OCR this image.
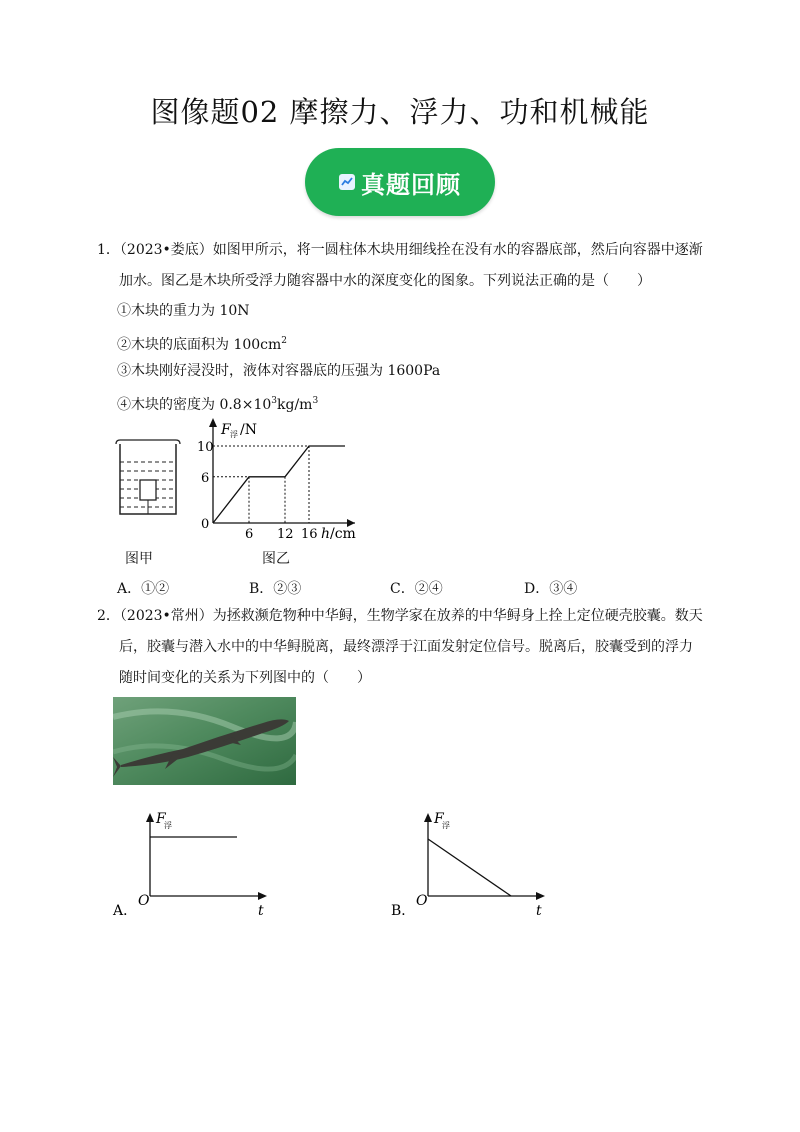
图像题02 摩擦力、浮力、功和机械能
真题回顾
1．（2023•娄底）如图甲所示，将一圆柱体木块用细线拴在没有水的容器底部，然后向容器中逐渐
加水。图乙是木块所受浮力随容器中水的深度变化的图象。下列说法正确的是（　　）
①木块的重力为 10N
②木块的底面积为 $100cm^2$
③木块刚好浸没时，液体对容器底的压强为 1600Pa
④木块的密度为 $0.8\times 10^3kg/m^3$
图甲
F 浮 /N
h /cm
0
10
6
6 12 16
图乙
A．①②	B．②③	C．②④	D．③④
2．（2023•常州）为拯救濒危物种中华鲟，生物学家在放养的中华鲟身上拴上定位硬壳胶囊。数天
后，胶囊与潜入水中的中华鲟脱离，最终漂浮于江面发射定位信号。脱离后，胶囊受到的浮力
随时间变化的关系为下列图中的（　　）
F
浮
O
t
A．
F
浮
O
t
B．
